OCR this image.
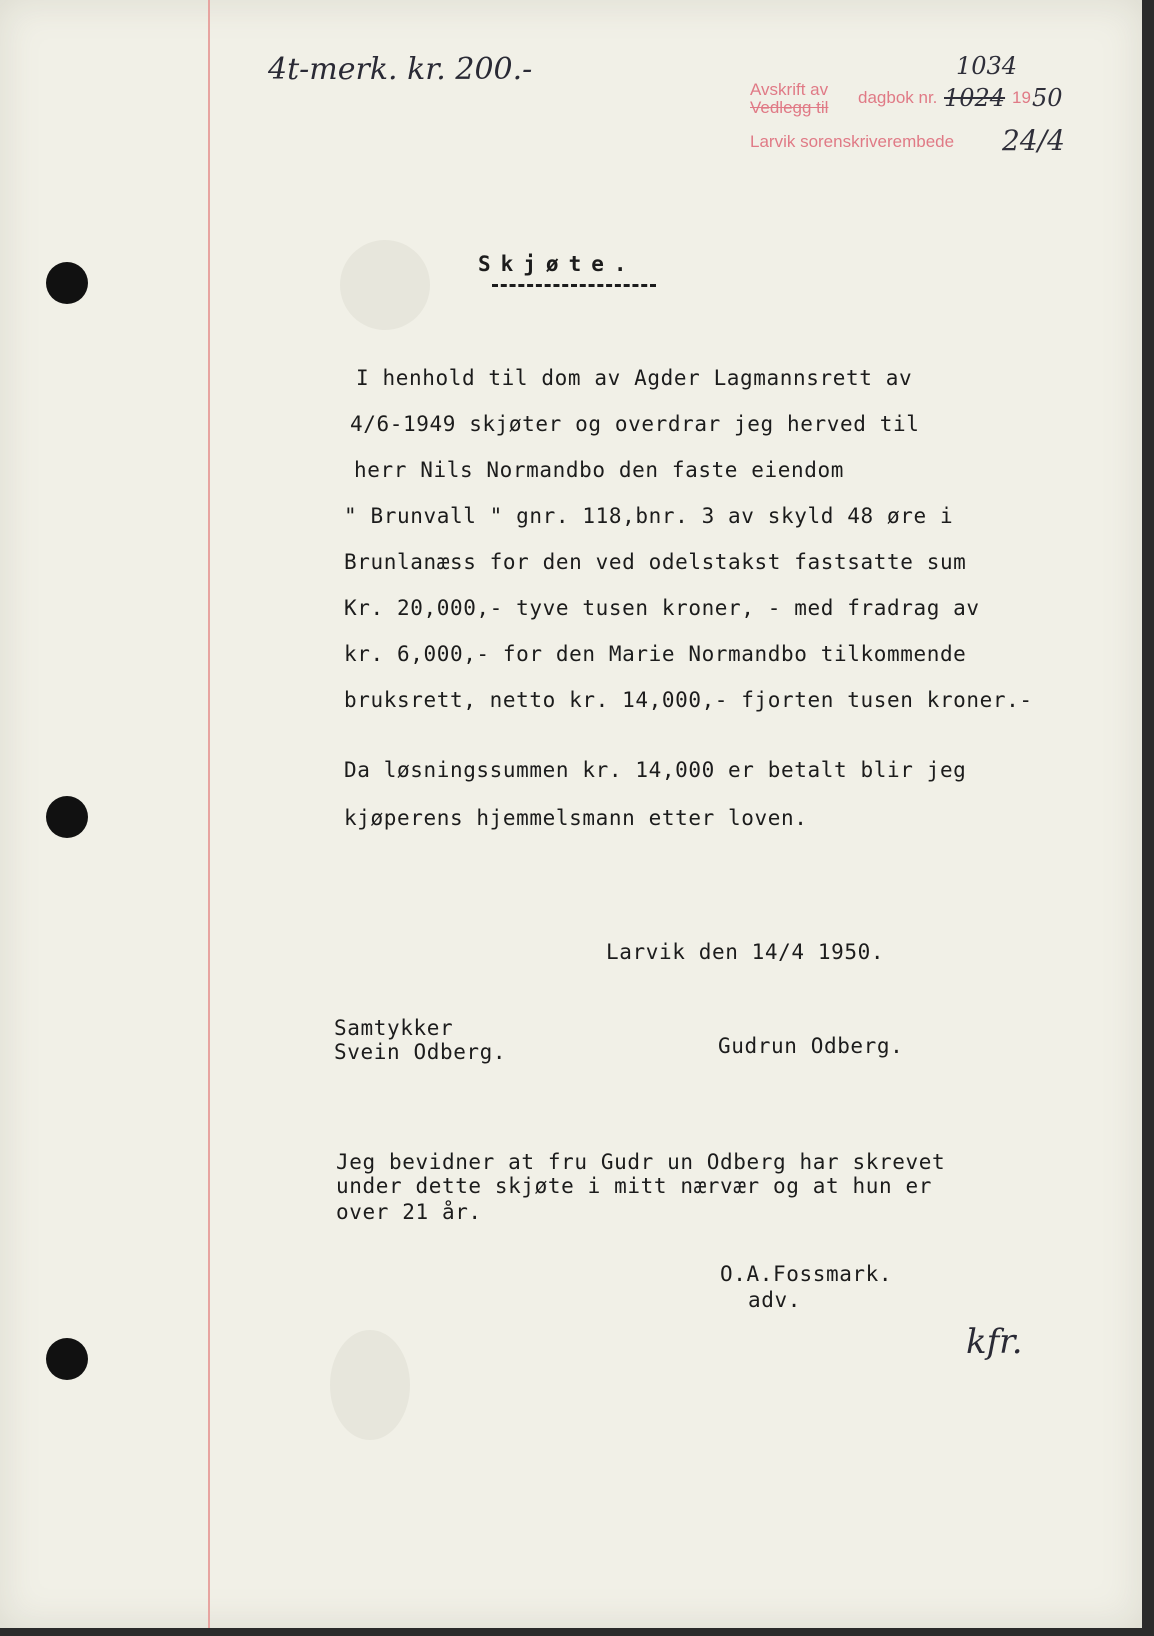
4t-merk. kr. 200.-
Avskrift av
Vedlegg til
dagbok nr. 1024
1034
19 50
Larvik sorenskriverembede 24/4
Skjøte.
I henhold til dom av Agder Lagmannsrett av
4/6-1949 skjøter og overdrar jeg herved til
herr Nils Normandbo den faste eiendom
" Brunvall " gnr. 118,bnr. 3 av skyld 48 øre i
Brunlanæss for den ved odelstakst fastsatte sum
Kr. 20,000,- tyve tusen kroner, - med fradrag av
kr. 6,000,- for den Marie Normandbo tilkommende
bruksrett, netto kr. 14,000,- fjorten tusen kroner.-
Da løsningssummen kr. 14,000 er betalt blir jeg
kjøperens hjemmelsmann etter loven.
Larvik den 14/4 1950.
Samtykker
Svein Odberg.	Gudrun Odberg.
Jeg bevidner at fru Gudr un Odberg har skrevet
under dette skjøte i mitt nærvær og at hun er
over 21 år.
O.A.Fossmark.
adv.
kfr.
